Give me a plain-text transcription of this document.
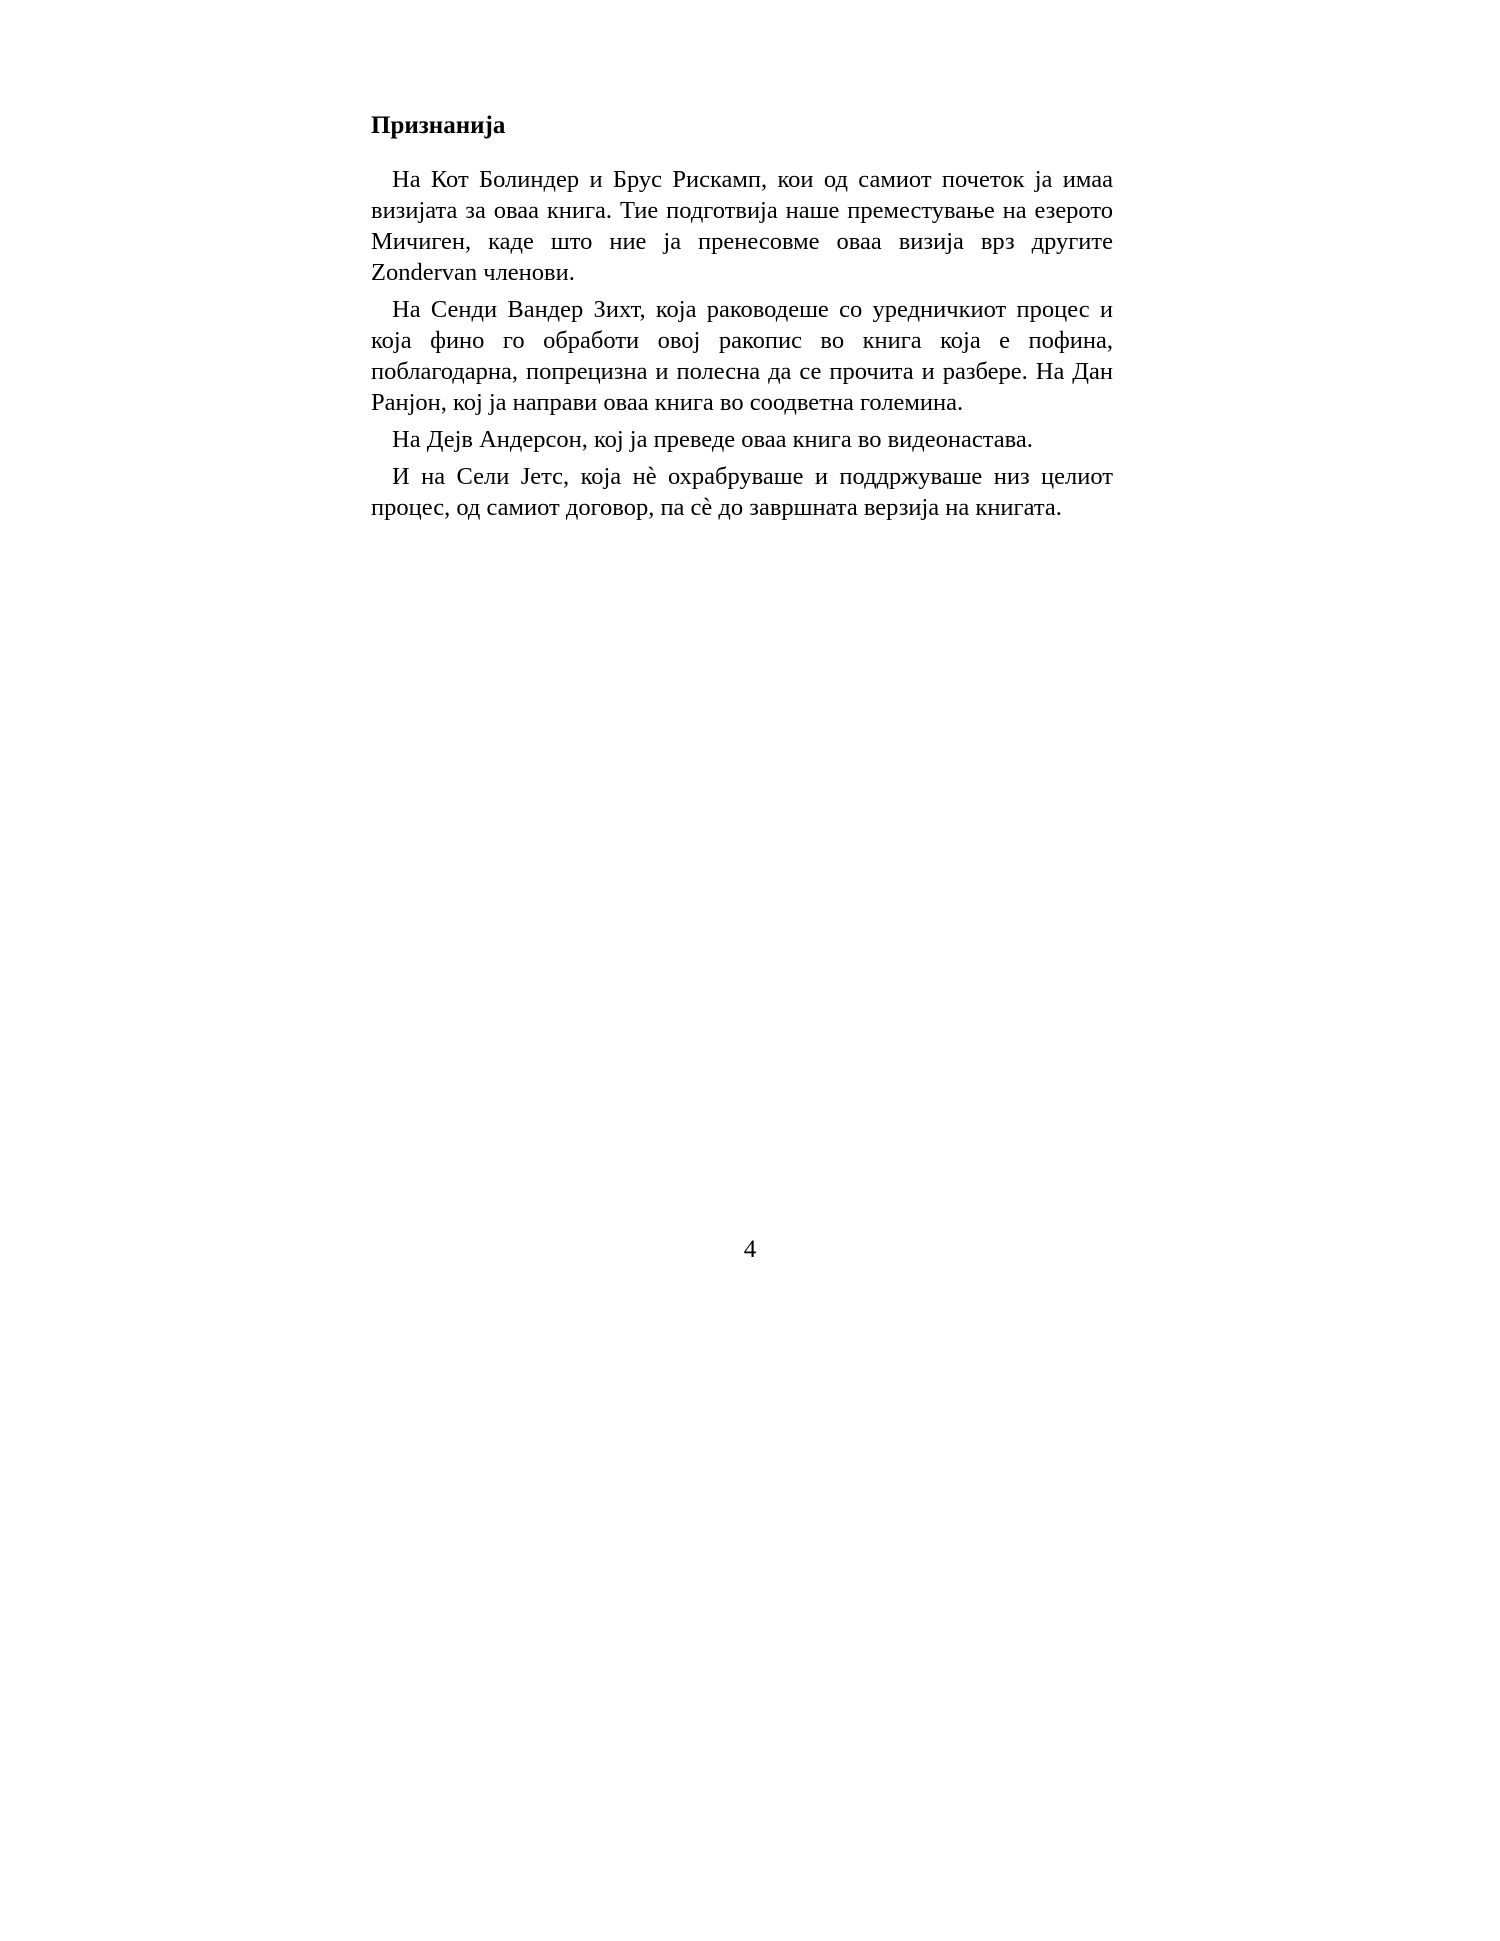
Признанија

На Кот Болиндер и Брус Рискамп, кои од самиот почеток ја имаа визијата за оваа книга. Тие подготвија наше преместување на езерото Мичиген, каде што ние ја пренесовме оваа визија врз другите Zondervan членови.

На Сенди Вандер Зихт, која раководеше со уредничкиот процес и која фино го обработи овој ракопис во книга која е пофина, поблагодарна, попрецизна и полесна да се прочита и разбере. На Дан Ранјон, кој ја направи оваа книга во соодветна големина.

На Дејв Андерсон, кој ја преведе оваа книга во видеонастава.

И на Сели Јетс, која нѐ охрабруваше и поддржуваше низ целиот процес, од самиот договор, па сѐ до завршната верзија на книгата.

4
